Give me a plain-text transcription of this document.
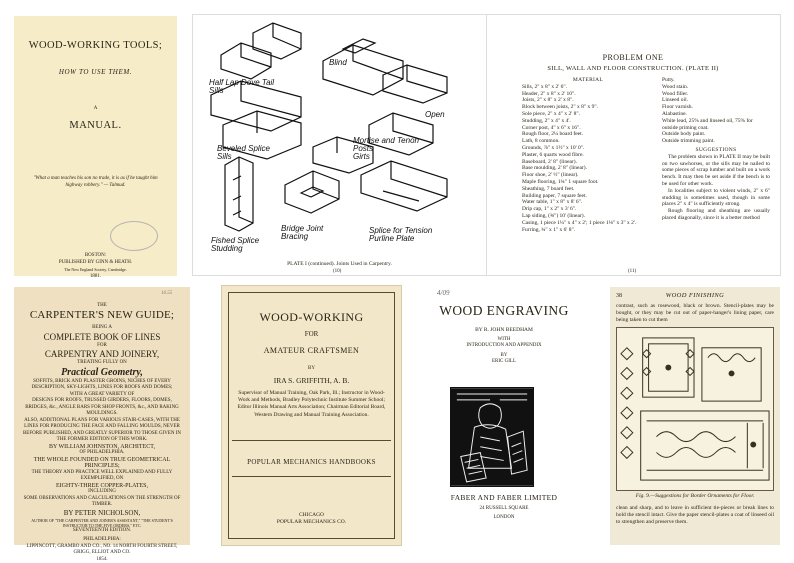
WOOD-WORKING TOOLS;
HOW TO USE THEM.
A
MANUAL.
"What a man teaches his son no trade, it is as if he taught him highway robbery." — Talmud.
BOSTON:
PUBLISHED BY GINN & HEATH.
The New England Society, Cambridge.
1881.
Half Lap Dove Tail
Sills
Blind
Open
Beveled Splice
Sills
Mortise and Tenon
Posts
Girts
Bridge Joint
Bracing
Fished Splice
Studding
Splice for Tension
Purline Plate
PLATE I (continued). Joints Used in Carpentry.
(10)
PROBLEM ONE
SILL, WALL AND FLOOR CONSTRUCTION. (PLATE II)
MATERIAL
Sills, 2" x 8" x 2' 6".
Header, 2" x 8" x 2' 10".
Joists, 2" x 8" x 2' x 8".
Block between joists, 2" x 8" x 9".
Sole piece, 2" x 4" x 2' 8".
Studding, 2" x 4" x 4'.
Corner post, 4" x 6" x 16".
Rough floor, 2¼ board feet.
Lath, 8 common.
Grounds, ⅞" x 1½" x 10' 0".
Plaster, 6 quarts wood fibre.
Baseboard, 2' 8" (linear).
Base moulding, 2' 8" (linear).
Floor shoe, 2' ½" (linear).
Maple flooring, 1¾" 1 square foot.
Sheathing, 7 board feet.
Building paper, 7 square feet.
Water table, 1" x 8" x 8' 6".
Drip cap, 1" x 2" x 3' 6".
Lap siding, (⅝") 10' (linear).
Casing, 1 piece 1¼" x 4" x 2'; 1 piece 1⅛" x 3" x 2'.
Furring, ¾" x 1" x 6' 8".
Putty.
Wood stain.
Wood filler.
Linseed oil.
Floor varnish.
Alabastine.
White lead, 25% and linseed oil, 75% for outside priming coat.
Outside body paint.
Outside trimming paint.
SUGGESTIONS
The problem shown in PLATE II may be built on two sawhorses, or the sills may be nailed to some pieces of scrap lumber and built on a work bench. It may then be set aside if the bench is to be used for other work.
In localities subject to violent winds, 2" x 6" studding is sometimes used, though in some places 2" x 4" is sufficiently strong.
Rough flooring and sheathing are usually placed diagonally, since it is a better method
(11)
16.55
THE
CARPENTER'S NEW GUIDE;
BEING A
COMPLETE BOOK OF LINES
FOR
CARPENTRY AND JOINERY,
TREATING FULLY ON
Practical Geometry,
SOFFITS, BRICK AND PLASTER GROINS, NICHES OF EVERY DESCRIPTION, SKY-LIGHTS, LINES FOR ROOFS AND DOMES;
WITH A GREAT VARIETY OF
DESIGNS FOR ROOFS, TRUSSED GIRDERS, FLOORS, DOMES, BRIDGES, &c., ANGLE BARS FOR SHOP FRONTS, &c., AND RAKING MOULDINGS.
ALSO, ADDITIONAL PLANS FOR VARIOUS STAIR-CASES, WITH THE LINES FOR PRODUCING THE FACE AND FALLING MOULDS, NEVER BEFORE PUBLISHED, AND GREATLY SUPERIOR TO THOSE GIVEN IN THE FORMER EDITION OF THIS WORK.
BY WILLIAM JOHNSTON, ARCHITECT,
OF PHILADELPHIA.
THE WHOLE FOUNDED ON TRUE GEOMETRICAL PRINCIPLES;
THE THEORY AND PRACTICE WELL EXPLAINED AND FULLY EXEMPLIFIED, ON
EIGHTY-THREE COPPER-PLATES,
INCLUDING
SOME OBSERVATIONS AND CALCULATIONS ON THE STRENGTH OF TIMBER.
BY PETER NICHOLSON,
AUTHOR OF "THE CARPENTER AND JOINER'S ASSISTANT," "THE STUDENT'S INSTRUCTOR TO THE FIVE ORDERS," ETC.
SEVENTEENTH EDITION.
PHILADELPHIA:
LIPPINCOTT, GRAMBO AND CO., NO. 14 NORTH FOURTH STREET,
GRIGG, ELLIOT AND CO.
1854.
WOOD-WORKING
FOR
AMATEUR CRAFTSMEN
BY
IRA S. GRIFFITH, A. B.
Supervisor of Manual Training, Oak Park, Ill.; Instructor in Wood-Work and Methods, Bradley Polytechnic Institute Summer School; Editor Illinois Manual Arts Association; Chairman Editorial Board, Western Drawing and Manual Training Association.
POPULAR MECHANICS HANDBOOKS
CHICAGO
POPULAR MECHANICS CO.
4/09
WOOD ENGRAVING
BY R. JOHN BEEDHAM
WITH
INTRODUCTION AND APPENDIX
BY
ERIC GILL
FABER AND FABER LIMITED
24 RUSSELL SQUARE
LONDON
38	WOOD FINISHING
contrast, such as rosewood, black or brown. Stencil-plates may be bought, or they may be cut out of paper-hanger's lining paper, care being taken to cut them
Fig. 9.—Suggestions for Border Ornaments for Floor.
clean and sharp, and to leave in sufficient tie-pieces or break lines to hold the stencil intact. Give the paper stencil-plates a coat of linseed oil to strengthen and preserve them.
